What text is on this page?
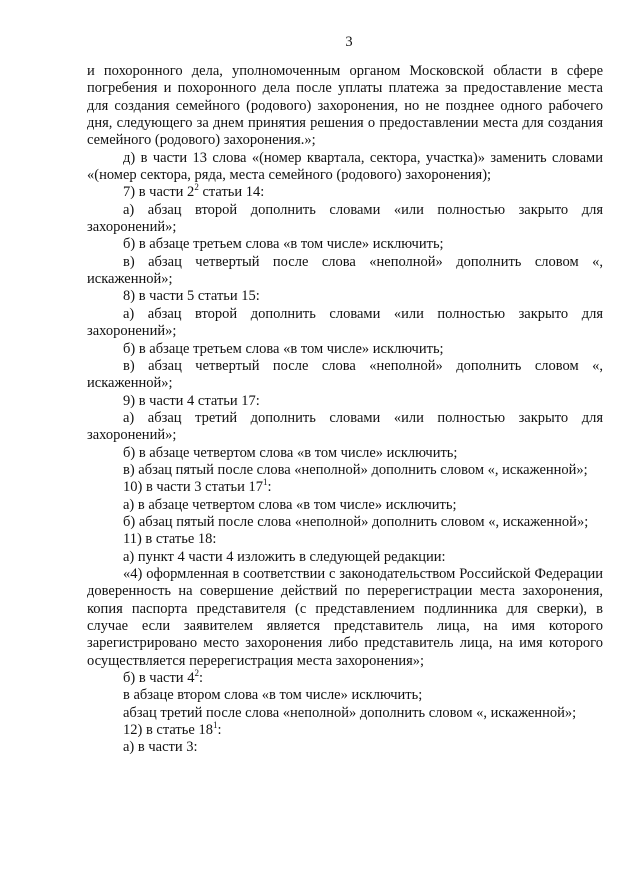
3

и похоронного дела, уполномоченным органом Московской области в сфере погребения и похоронного дела после уплаты платежа за предоставление места для создания семейного (родового) захоронения, но не позднее одного рабочего дня, следующего за днем принятия решения о предоставлении места для создания семейного (родового) захоронения.»;

д) в части 13 слова «(номер квартала, сектора, участка)» заменить словами «(номер сектора, ряда, места семейного (родового) захоронения);

7) в части $2^2$ статьи 14:

а) абзац второй дополнить словами «или полностью закрыто для захоронений»;

б) в абзаце третьем слова «в том числе» исключить;

в) абзац четвертый после слова «неполной» дополнить словом «, искаженной»;

8) в части 5 статьи 15:

а) абзац второй дополнить словами «или полностью закрыто для захоронений»;

б) в абзаце третьем слова «в том числе» исключить;

в) абзац четвертый после слова «неполной» дополнить словом «, искаженной»;

9) в части 4 статьи 17:

а) абзац третий дополнить словами «или полностью закрыто для захоронений»;

б) в абзаце четвертом слова «в том числе» исключить;

в) абзац пятый после слова «неполной» дополнить словом «, искаженной»;

10) в части 3 статьи $17^1$:

а) в абзаце четвертом слова «в том числе» исключить;

б) абзац пятый после слова «неполной» дополнить словом «, искаженной»;

11) в статье 18:

а) пункт 4 части 4 изложить в следующей редакции:

«4) оформленная в соответствии с законодательством Российской Федерации доверенность на совершение действий по перерегистрации места захоронения, копия паспорта представителя (с представлением подлинника для сверки), в случае если заявителем является представитель лица, на имя которого зарегистрировано место захоронения либо представитель лица, на имя которого осуществляется перерегистрация места захоронения»;

б) в части $4^2$:

в абзаце втором слова «в том числе» исключить;

абзац третий после слова «неполной» дополнить словом «, искаженной»;

12) в статье $18^1$:

а) в части 3:
